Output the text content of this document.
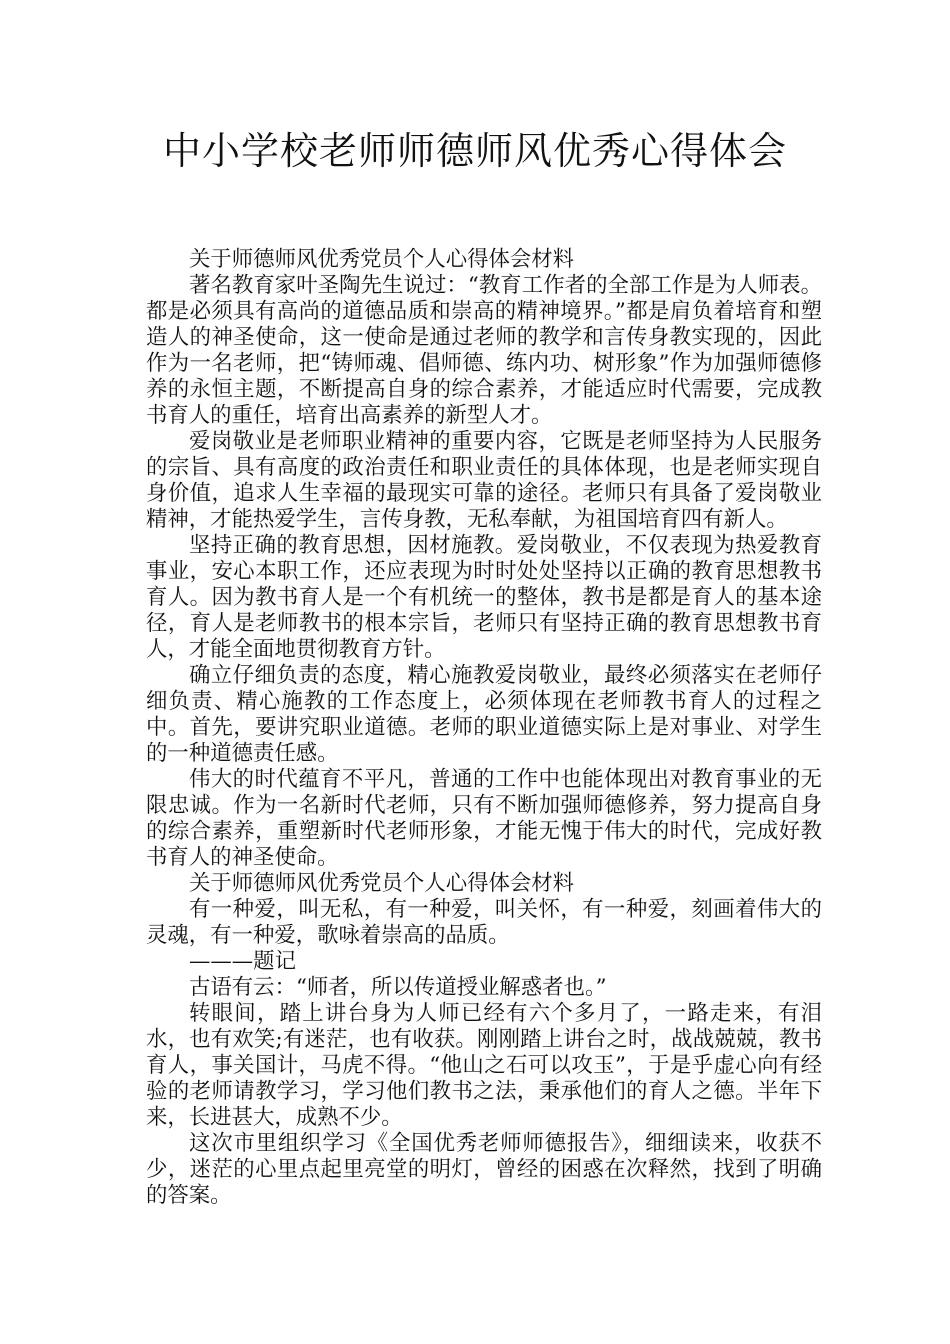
中小学校老师师德师风优秀心得体会

关于师德师风优秀党员个人心得体会材料

著名教育家叶圣陶先生说过：“教育工作者的全部工作是为人师表。都是必须具有高尚的道德品质和崇高的精神境界。”都是肩负着培育和塑造人的神圣使命，这一使命是通过老师的教学和言传身教实现的，因此作为一名老师，把“铸师魂、倡师德、练内功、树形象”作为加强师德修养的永恒主题，不断提高自身的综合素养，才能适应时代需要，完成教书育人的重任，培育出高素养的新型人才。

爱岗敬业是老师职业精神的重要内容，它既是老师坚持为人民服务的宗旨、具有高度的政治责任和职业责任的具体体现，也是老师实现自身价值，追求人生幸福的最现实可靠的途径。老师只有具备了爱岗敬业精神，才能热爱学生，言传身教，无私奉献，为祖国培育四有新人。

坚持正确的教育思想，因材施教。爱岗敬业，不仅表现为热爱教育事业，安心本职工作，还应表现为时时处处坚持以正确的教育思想教书育人。因为教书育人是一个有机统一的整体，教书是都是育人的基本途径，育人是老师教书的根本宗旨，老师只有坚持正确的教育思想教书育人，才能全面地贯彻教育方针。

确立仔细负责的态度，精心施教爱岗敬业，最终必须落实在老师仔细负责、精心施教的工作态度上，必须体现在老师教书育人的过程之中。首先，要讲究职业道德。老师的职业道德实际上是对事业、对学生的一种道德责任感。

伟大的时代蕴育不平凡，普通的工作中也能体现出对教育事业的无限忠诚。作为一名新时代老师，只有不断加强师德修养，努力提高自身的综合素养，重塑新时代老师形象，才能无愧于伟大的时代，完成好教书育人的神圣使命。

关于师德师风优秀党员个人心得体会材料

有一种爱，叫无私，有一种爱，叫关怀，有一种爱，刻画着伟大的灵魂，有一种爱，歌咏着崇高的品质。

———题记

古语有云：“师者，所以传道授业解惑者也。”

转眼间，踏上讲台身为人师已经有六个多月了，一路走来，有泪水，也有欢笑;有迷茫，也有收获。刚刚踏上讲台之时，战战兢兢，教书育人，事关国计，马虎不得。“他山之石可以攻玉”，于是乎虚心向有经验的老师请教学习，学习他们教书之法，秉承他们的育人之德。半年下来，长进甚大，成熟不少。

这次市里组织学习《全国优秀老师师德报告》，细细读来，收获不少，迷茫的心里点起里亮堂的明灯，曾经的困惑在次释然，找到了明确的答案。
